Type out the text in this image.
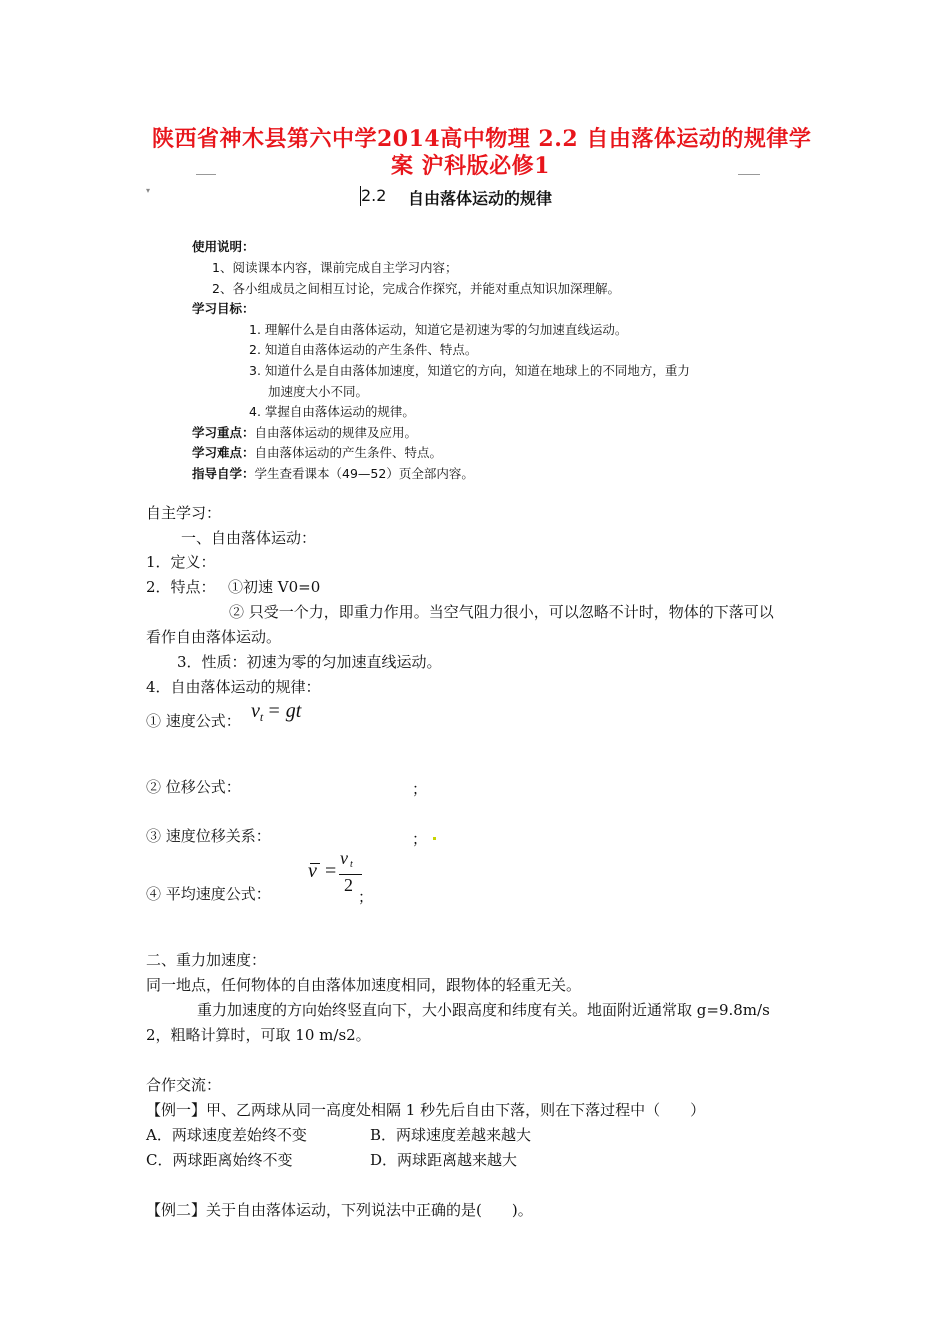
陕西省神木县第六中学2014高中物理 2.2 自由落体运动的规律学
案 沪科版必修1
▾	2.2 自由落体运动的规律
使用说明：
1、阅读课本内容，课前完成自主学习内容；
2、各小组成员之间相互讨论，完成合作探究，并能对重点知识加深理解。
学习目标：
1. 理解什么是自由落体运动，知道它是初速为零的匀加速直线运动。
2. 知道自由落体运动的产生条件、特点。
3. 知道什么是自由落体加速度，知道它的方向，知道在地球上的不同地方，重力
加速度大小不同。
4. 掌握自由落体运动的规律。
学习重点：自由落体运动的规律及应用。
学习难点：自由落体运动的产生条件、特点。
指导自学：学生查看课本（49—52）页全部内容。
自主学习：
一、自由落体运动：
1．定义：
2．特点： ①初速 V0=0
② 只受一个力，即重力作用。当空气阻力很小，可以忽略不计时，物体的下落可以
看作自由落体运动。
3．性质：初速为零的匀加速直线运动。
4．自由落体运动的规律：
① 速度公式： $v_t$ = gt
② 位移公式：	；
③ 速度位移关系：	；
④ 平均速度公式：
v =
v t
2
；
二、重力加速度：
同一地点，任何物体的自由落体加速度相同，跟物体的轻重无关。
重力加速度的方向始终竖直向下，大小跟高度和纬度有关。地面附近通常取 g=9.8m/s
2，粗略计算时，可取 10 m/s2。
合作交流：
【例一】甲、乙两球从同一高度处相隔 1 秒先后自由下落，则在下落过程中（　　）
A．两球速度差始终不变	B．两球速度差越来越大
C．两球距离始终不变	D．两球距离越来越大
【例二】关于自由落体运动，下列说法中正确的是(　　)。
